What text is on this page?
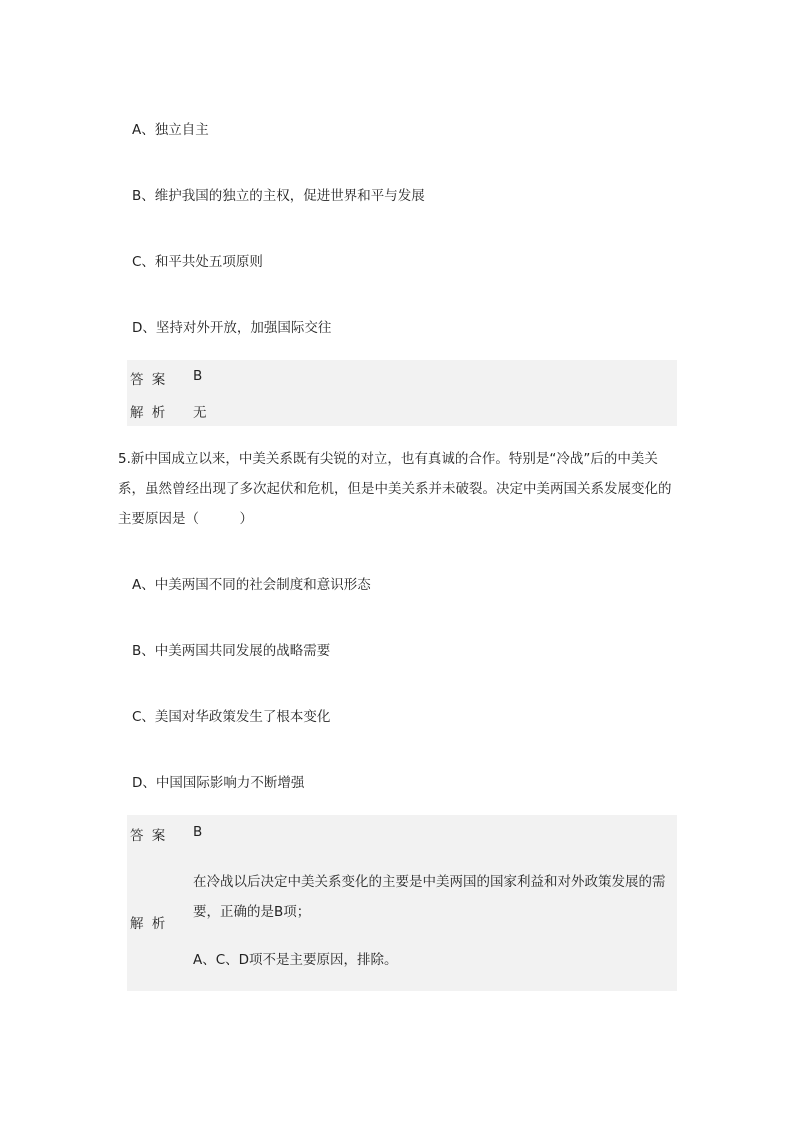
A、独立自主

B、维护我国的独立的主权，促进世界和平与发展

C、和平共处五项原则

D、坚持对外开放，加强国际交往

答 案 B
解 析 无

5.新中国成立以来，中美关系既有尖锐的对立，也有真诚的合作。特别是“冷战”后的中美关系，虽然曾经出现了多次起伏和危机，但是中美关系并未破裂。决定中美两国关系发展变化的主要原因是（　　　）

A、中美两国不同的社会制度和意识形态

B、中美两国共同发展的战略需要

C、美国对华政策发生了根本变化

D、中国国际影响力不断增强

答 案 B
解 析

在冷战以后决定中美关系变化的主要是中美两国的国家利益和对外政策发展的需要，正确的是B项；

A、C、D项不是主要原因，排除。
